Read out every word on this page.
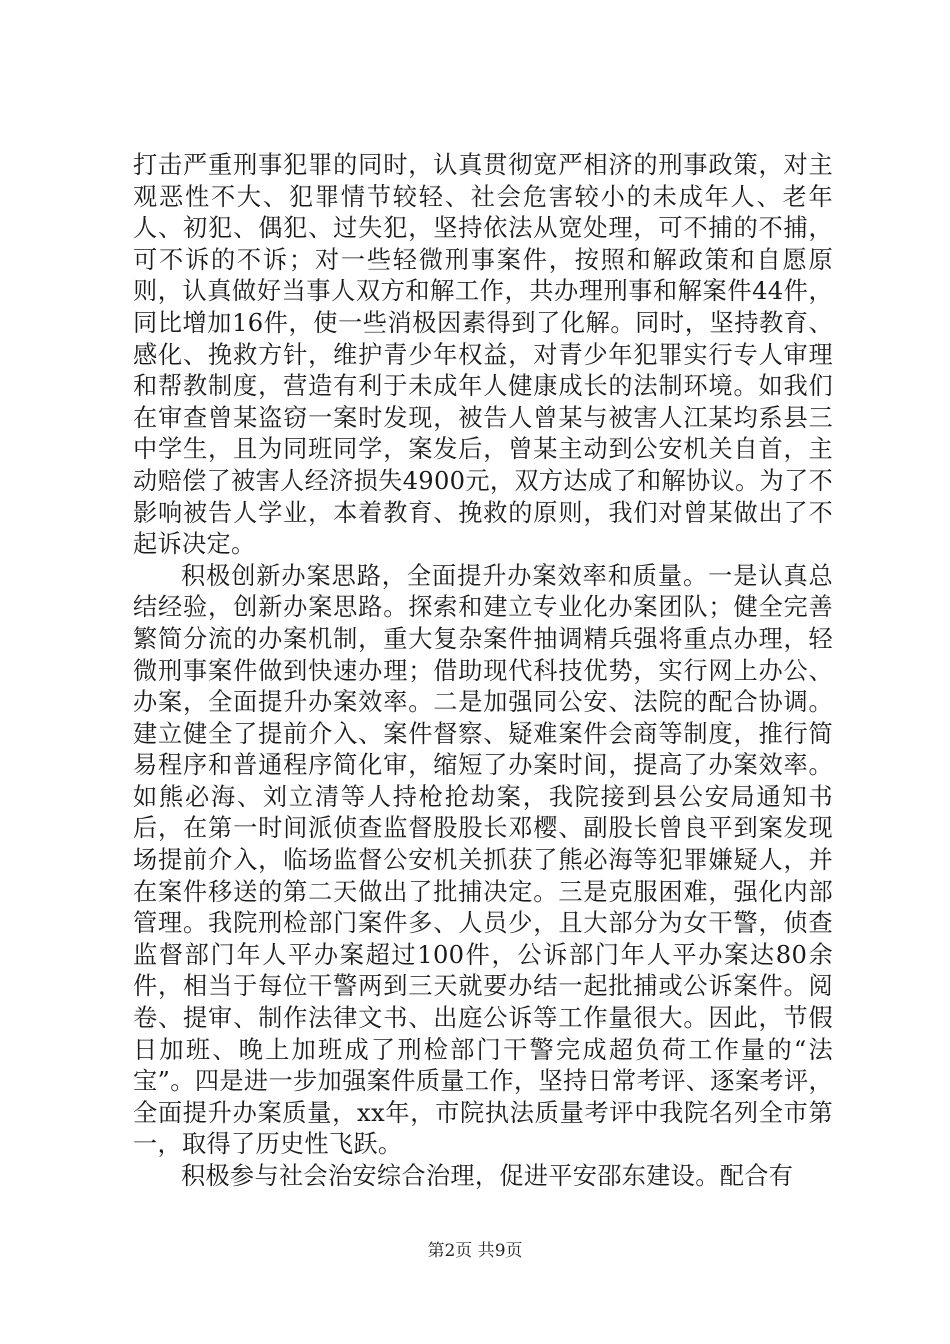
打击严重刑事犯罪的同时，认真贯彻宽严相济的刑事政策，对主观恶性不大、犯罪情节较轻、社会危害较小的未成年人、老年人、初犯、偶犯、过失犯，坚持依法从宽处理，可不捕的不捕，可不诉的不诉；对一些轻微刑事案件，按照和解政策和自愿原则，认真做好当事人双方和解工作，共办理刑事和解案件44件，同比增加16件，使一些消极因素得到了化解。同时，坚持教育、感化、挽救方针，维护青少年权益，对青少年犯罪实行专人审理和帮教制度，营造有利于未成年人健康成长的法制环境。如我们在审查曾某盗窃一案时发现，被告人曾某与被害人江某均系县三中学生，且为同班同学，案发后，曾某主动到公安机关自首，主动赔偿了被害人经济损失4900元，双方达成了和解协议。为了不影响被告人学业，本着教育、挽救的原则，我们对曾某做出了不起诉决定。

积极创新办案思路，全面提升办案效率和质量。一是认真总结经验，创新办案思路。探索和建立专业化办案团队；健全完善繁简分流的办案机制，重大复杂案件抽调精兵强将重点办理，轻微刑事案件做到快速办理；借助现代科技优势，实行网上办公、办案，全面提升办案效率。二是加强同公安、法院的配合协调。建立健全了提前介入、案件督察、疑难案件会商等制度，推行简易程序和普通程序简化审，缩短了办案时间，提高了办案效率。如熊必海、刘立清等人持枪抢劫案，我院接到县公安局通知书后，在第一时间派侦查监督股股长邓樱、副股长曾良平到案发现场提前介入，临场监督公安机关抓获了熊必海等犯罪嫌疑人，并在案件移送的第二天做出了批捕决定。三是克服困难，强化内部管理。我院刑检部门案件多、人员少，且大部分为女干警，侦查监督部门年人平办案超过100件，公诉部门年人平办案达80余件，相当于每位干警两到三天就要办结一起批捕或公诉案件。阅卷、提审、制作法律文书、出庭公诉等工作量很大。因此，节假日加班、晚上加班成了刑检部门干警完成超负荷工作量的“法宝”。四是进一步加强案件质量工作，坚持日常考评、逐案考评，全面提升办案质量，xx年，市院执法质量考评中我院名列全市第一，取得了历史性飞跃。

积极参与社会治安综合治理，促进平安邵东建设。配合有

第2页 共9页
